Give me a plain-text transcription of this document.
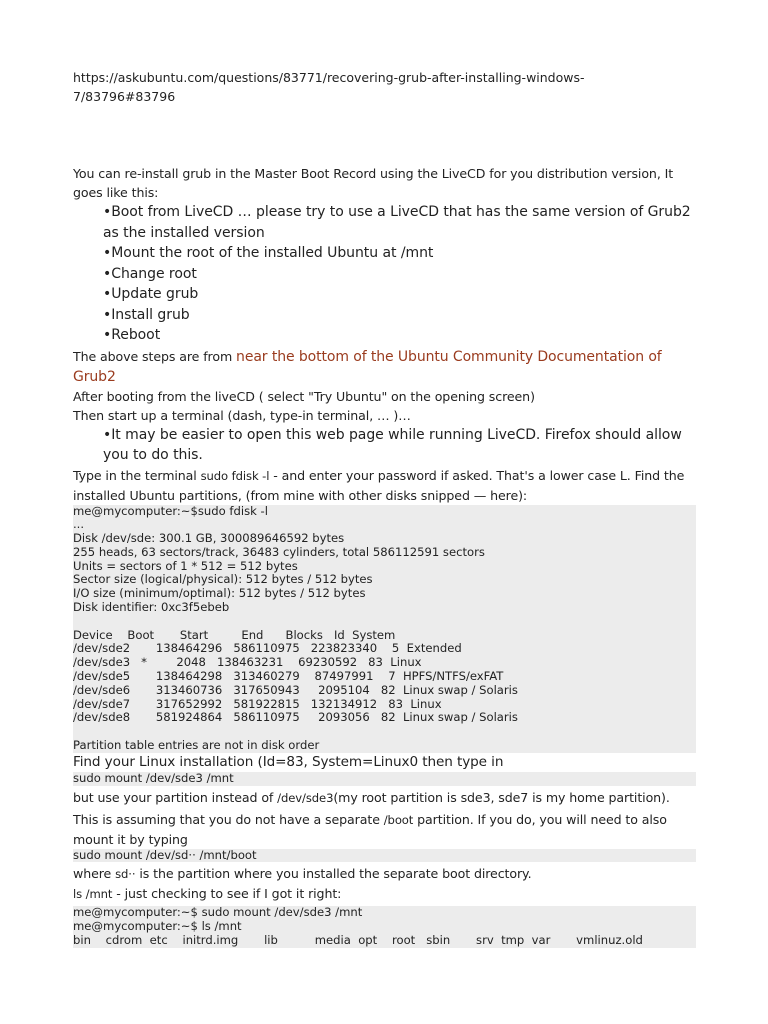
https://askubuntu.com/questions/83771/recovering-grub-after-installing-windows-
7/83796#83796

You can re-install grub in the Master Boot Record using the LiveCD for you distribution version, It goes like this:

•Boot from LiveCD … please try to use a LiveCD that has the same version of Grub2 as the installed version
•Mount the root of the installed Ubuntu at /mnt
•Change root
•Update grub
•Install grub
•Reboot

The above steps are from near the bottom of the Ubuntu Community Documentation of Grub2

After booting from the liveCD ( select "Try Ubuntu" on the opening screen)

Then start up a terminal (dash, type-in terminal, … )…

•It may be easier to open this web page while running LiveCD. Firefox should allow you to do this.

Type in the terminal sudo fdisk -l - and enter your password if asked. That's a lower case L. Find the installed Ubuntu partitions, (from mine with other disks snipped — here):

me@mycomputer:~$sudo fdisk -l
...
Disk /dev/sde: 300.1 GB, 300089646592 bytes
255 heads, 63 sectors/track, 36483 cylinders, total 586112591 sectors
Units = sectors of 1 * 512 = 512 bytes
Sector size (logical/physical): 512 bytes / 512 bytes
I/O size (minimum/optimal): 512 bytes / 512 bytes
Disk identifier: 0xc3f5ebeb

Device    Boot       Start         End      Blocks   Id  System
/dev/sde2       138464296   586110975   223823340    5  Extended
/dev/sde3   *        2048   138463231    69230592   83  Linux
/dev/sde5       138464298   313460279    87497991    7  HPFS/NTFS/exFAT
/dev/sde6       313460736   317650943     2095104   82  Linux swap / Solaris
/dev/sde7       317652992   581922815   132134912   83  Linux
/dev/sde8       581924864   586110975     2093056   82  Linux swap / Solaris

Partition table entries are not in disk order

Find your Linux installation (Id=83, System=Linux0 then type in

sudo mount /dev/sde3 /mnt

but use your partition instead of /dev/sde3(my root partition is sde3, sde7 is my home partition).

This is assuming that you do not have a separate /boot partition. If you do, you will need to also mount it by typing

sudo mount /dev/sd·· /mnt/boot

where sd·· is the partition where you installed the separate boot directory.

ls /mnt - just checking to see if I got it right:

me@mycomputer:~$ sudo mount /dev/sde3 /mnt
me@mycomputer:~$ ls /mnt
bin    cdrom  etc    initrd.img       lib          media  opt    root   sbin       srv  tmp  var       vmlinuz.old
